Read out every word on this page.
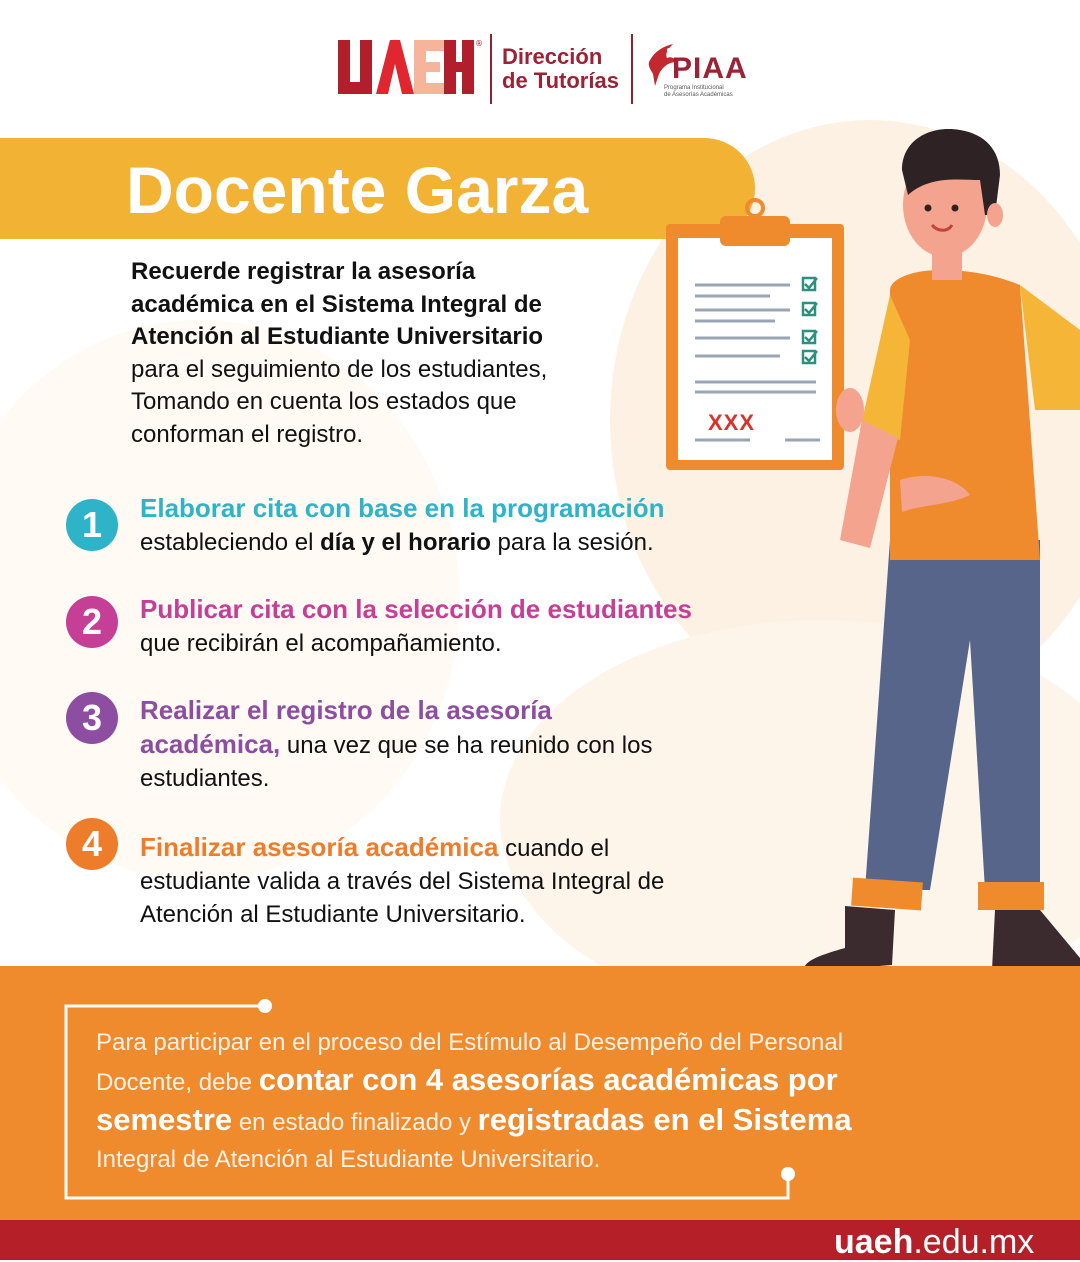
®
Dirección
de Tutorías PIAA
Programa Institucional
de Asesorías Académicas
Docente Garza
Recuerde registrar la asesoría
académica en el Sistema Integral de
Atención al Estudiante Universitario
para el seguimiento de los estudiantes,
Tomando en cuenta los estados que
conforman el registro.	XXX
1	Elaborar cita con base en la programación
estableciendo el día y el horario para la sesión.
2	Publicar cita con la selección de estudiantes
que recibirán el acompañamiento.
3	Realizar el registro de la asesoría
académica, una vez que se ha reunido con los
estudiantes.
4	Finalizar asesoría académica cuando el
estudiante valida a través del Sistema Integral de
Atención al Estudiante Universitario.
Para participar en el proceso del Estímulo al Desempeño del Personal
Docente, debe contar con 4 asesorías académicas por
semestre en estado finalizado y registradas en el Sistema
Integral de Atención al Estudiante Universitario.
uaeh.edu.mx
